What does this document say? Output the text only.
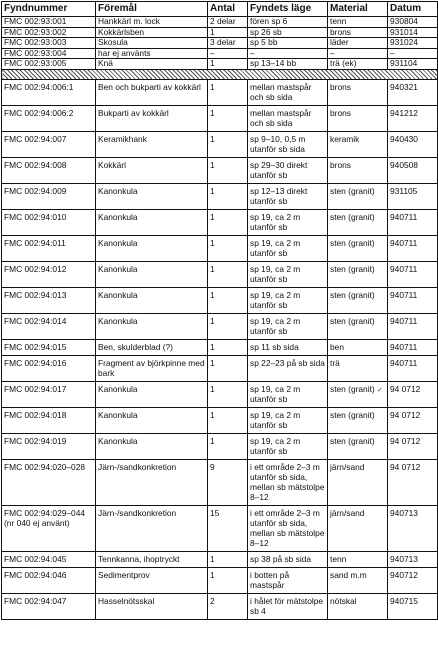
Fyndnummer	Föremål	Antal	Fyndets läge	Material	Datum
FMC 002:93:001	Hankkärl m. lock	2 delar	fören sp 6	tenn	930804
FMC 002:93:002	Kokkärlsben	1	sp 26 sb	brons	931014
FMC 002:93:003	Skosula	3 delar	sp 5 bb	läder	931024
FMC 002:93:004	har ej använts	–	–	–	–
FMC 002:93:005	Knä	1	sp 13–14 bb	trä (ek)	931104

FMC 002:94:006:1	Ben och bukparti av kokkärl	1	mellan mastspår och sb sida	brons	940321
FMC 002:94:006:2	Bukparti av kokkärl	1	mellan mastspår och sb sida	brons	941212
FMC 002:94:007	Keramikhank	1	sp 9–10, 0,5 m utanför sb sida	keramik	940430
FMC 002:94:008	Kokkärl	1	sp 29–30 direkt utanför sb	brons	940508
FMC 002:94:009	Kanonkula	1	sp 12–13 direkt utanför sb	sten (granit)	931105
FMC 002:94:010	Kanonkula	1	sp 19, ca 2 m utanför sb	sten (granit)	940711
FMC 002:94:011	Kanonkula	1	sp 19, ca 2 m utanför sb	sten (granit)	940711
FMC 002:94:012	Kanonkula	1	sp 19, ca 2 m utanför sb	sten (granit)	940711
FMC 002:94:013	Kanonkula	1	sp 19, ca 2 m utanför sb	sten (granit)	940711
FMC 002:94:014	Kanonkula	1	sp 19, ca 2 m utanför sb	sten (granit)	940711
FMC 002:94:015	Ben, skulderblad (?)	1	sp 11 sb sida	ben	940711
FMC 002:94:016	Fragment av björkpinne med bark	1	sp 22–23 på sb sida	trä	940711
FMC 002:94:017	Kanonkula	1	sp 19, ca 2 m utanför sb	sten (granit) ✓	94 0712
FMC 002:94:018	Kanonkula	1	sp 19, ca 2 m utanför sb	sten (granit)	94 0712
FMC 002:94:019	Kanonkula	1	sp 19, ca 2 m utanför sb	sten (granit)	94 0712
FMC 002:94:020–028	Järn-/sandkonkretion	9	i ett område 2–3 m utanför sb sida, mellan sb mätstolpe 8–12	järn/sand	94 0712
FMC 002:94:029–044 (nr 040 ej använt)	Järn-/sandkonkretion	15	i ett område 2–3 m utanför sb sida, mellan sb mätstolpe 8–12	järn/sand	940713
FMC 002:94:045	Tennkanna, ihoptryckt	1	sp 38 på sb sida	tenn	940713
FMC 002:94:046	Sedimentprov	1	i botten på mastspår	sand m.m	940712
FMC 002:94:047	Hasselnötsskal	2	i hålet för mätstolpe sb 4	nötskal	940715
